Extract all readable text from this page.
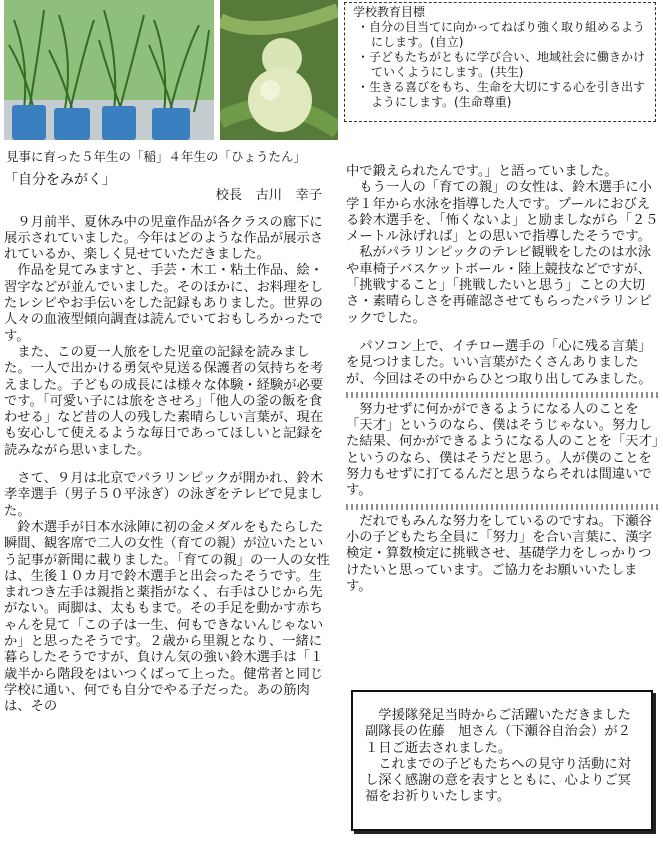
学校教育目標
・自分の目当てに向かってねばり強く取り組めるようにします。(自立)
・子どもたちがともに学び合い、地域社会に働きかけていくようにします。(共生)
・生きる喜びをもち、生命を大切にする心を引き出すようにします。(生命尊重)
見事に育った５年生の「稲」４年生の「ひょうたん」
「自分をみがく」
校長　古川　幸子

９月前半、夏休み中の児童作品が各クラスの廊下に展示されていました。今年はどのような作品が展示されているか、楽しく見せていただきました。

作品を見てみますと、手芸・木工・粘土作品、絵・習字などが並んでいました。そのほかに、お料理をしたレシピやお手伝いをした記録もありました。世界の人々の血液型傾向調査は読んでいておもしろかったです。

また、この夏一人旅をした児童の記録を読みました。一人で出かける勇気や見送る保護者の気持ちを考えました。子どもの成長には様々な体験・経験が必要です。「可愛い子には旅をさせろ」「他人の釜の飯を食わせる」など昔の人の残した素晴らしい言葉が、現在も安心して使えるような毎日であってほしいと記録を読みながら思いました。

さて、９月は北京でパラリンピックが開かれ、鈴木孝幸選手（男子５０平泳ぎ）の泳ぎをテレビで見ました。

鈴木選手が日本水泳陣に初の金メダルをもたらした瞬間、観客席で二人の女性（育ての親）が泣いたという記事が新聞に載りました。「育ての親」の一人の女性は、生後１０カ月で鈴木選手と出会ったそうです。生まれつき左手は親指と薬指がなく、右手はひじから先がない。両脚は、太ももまで。その手足を動かす赤ちゃんを見て「この子は一生、何もできないんじゃないか」と思ったそうです。２歳から里親となり、一緒に暮らしたそうですが、負けん気の強い鈴木選手は「１歳半から階段をはいつくばって上った。健常者と同じ学校に通い、何でも自分でやる子だった。あの筋肉は、その

中で鍛えられたんです。」と語っていました。

もう一人の「育ての親」の女性は、鈴木選手に小学１年から水泳を指導した人です。プールにおびえる鈴木選手を、「怖くないよ」と励ましながら「２５メートル泳げれば」との思いで指導したそうです。

私がパラリンピックのテレビ観戦をしたのは水泳や車椅子バスケットボール・陸上競技などですが、「挑戦すること」「挑戦したいと思う」ことの大切さ・素晴らしさを再確認させてもらったパラリンピックでした。

パソコン上で、イチロー選手の「心に残る言葉」を見つけました。いい言葉がたくさんありましたが、今回はその中からひとつ取り出してみました。

努力せずに何かができるようになる人のことを「天才」というのなら、僕はそうじゃない。努力した結果、何かができるようになる人のことを「天才」というのなら、僕はそうだと思う。人が僕のことを努力もせずに打てるんだと思うならそれは間違いです。

だれでもみんな努力をしているのですね。下瀬谷小の子どもたち全員に「努力」を合い言葉に、漢字検定・算数検定に挑戦させ、基礎学力をしっかりつけたいと思っています。ご協力をお願いいたします。

学援隊発足当時からご活躍いただきました副隊長の佐藤　旭さん（下瀬谷自治会）が２１日ご逝去されました。

これまでの子どもたちへの見守り活動に対し深く感謝の意を表すとともに、心よりご冥福をお祈りいたします。
